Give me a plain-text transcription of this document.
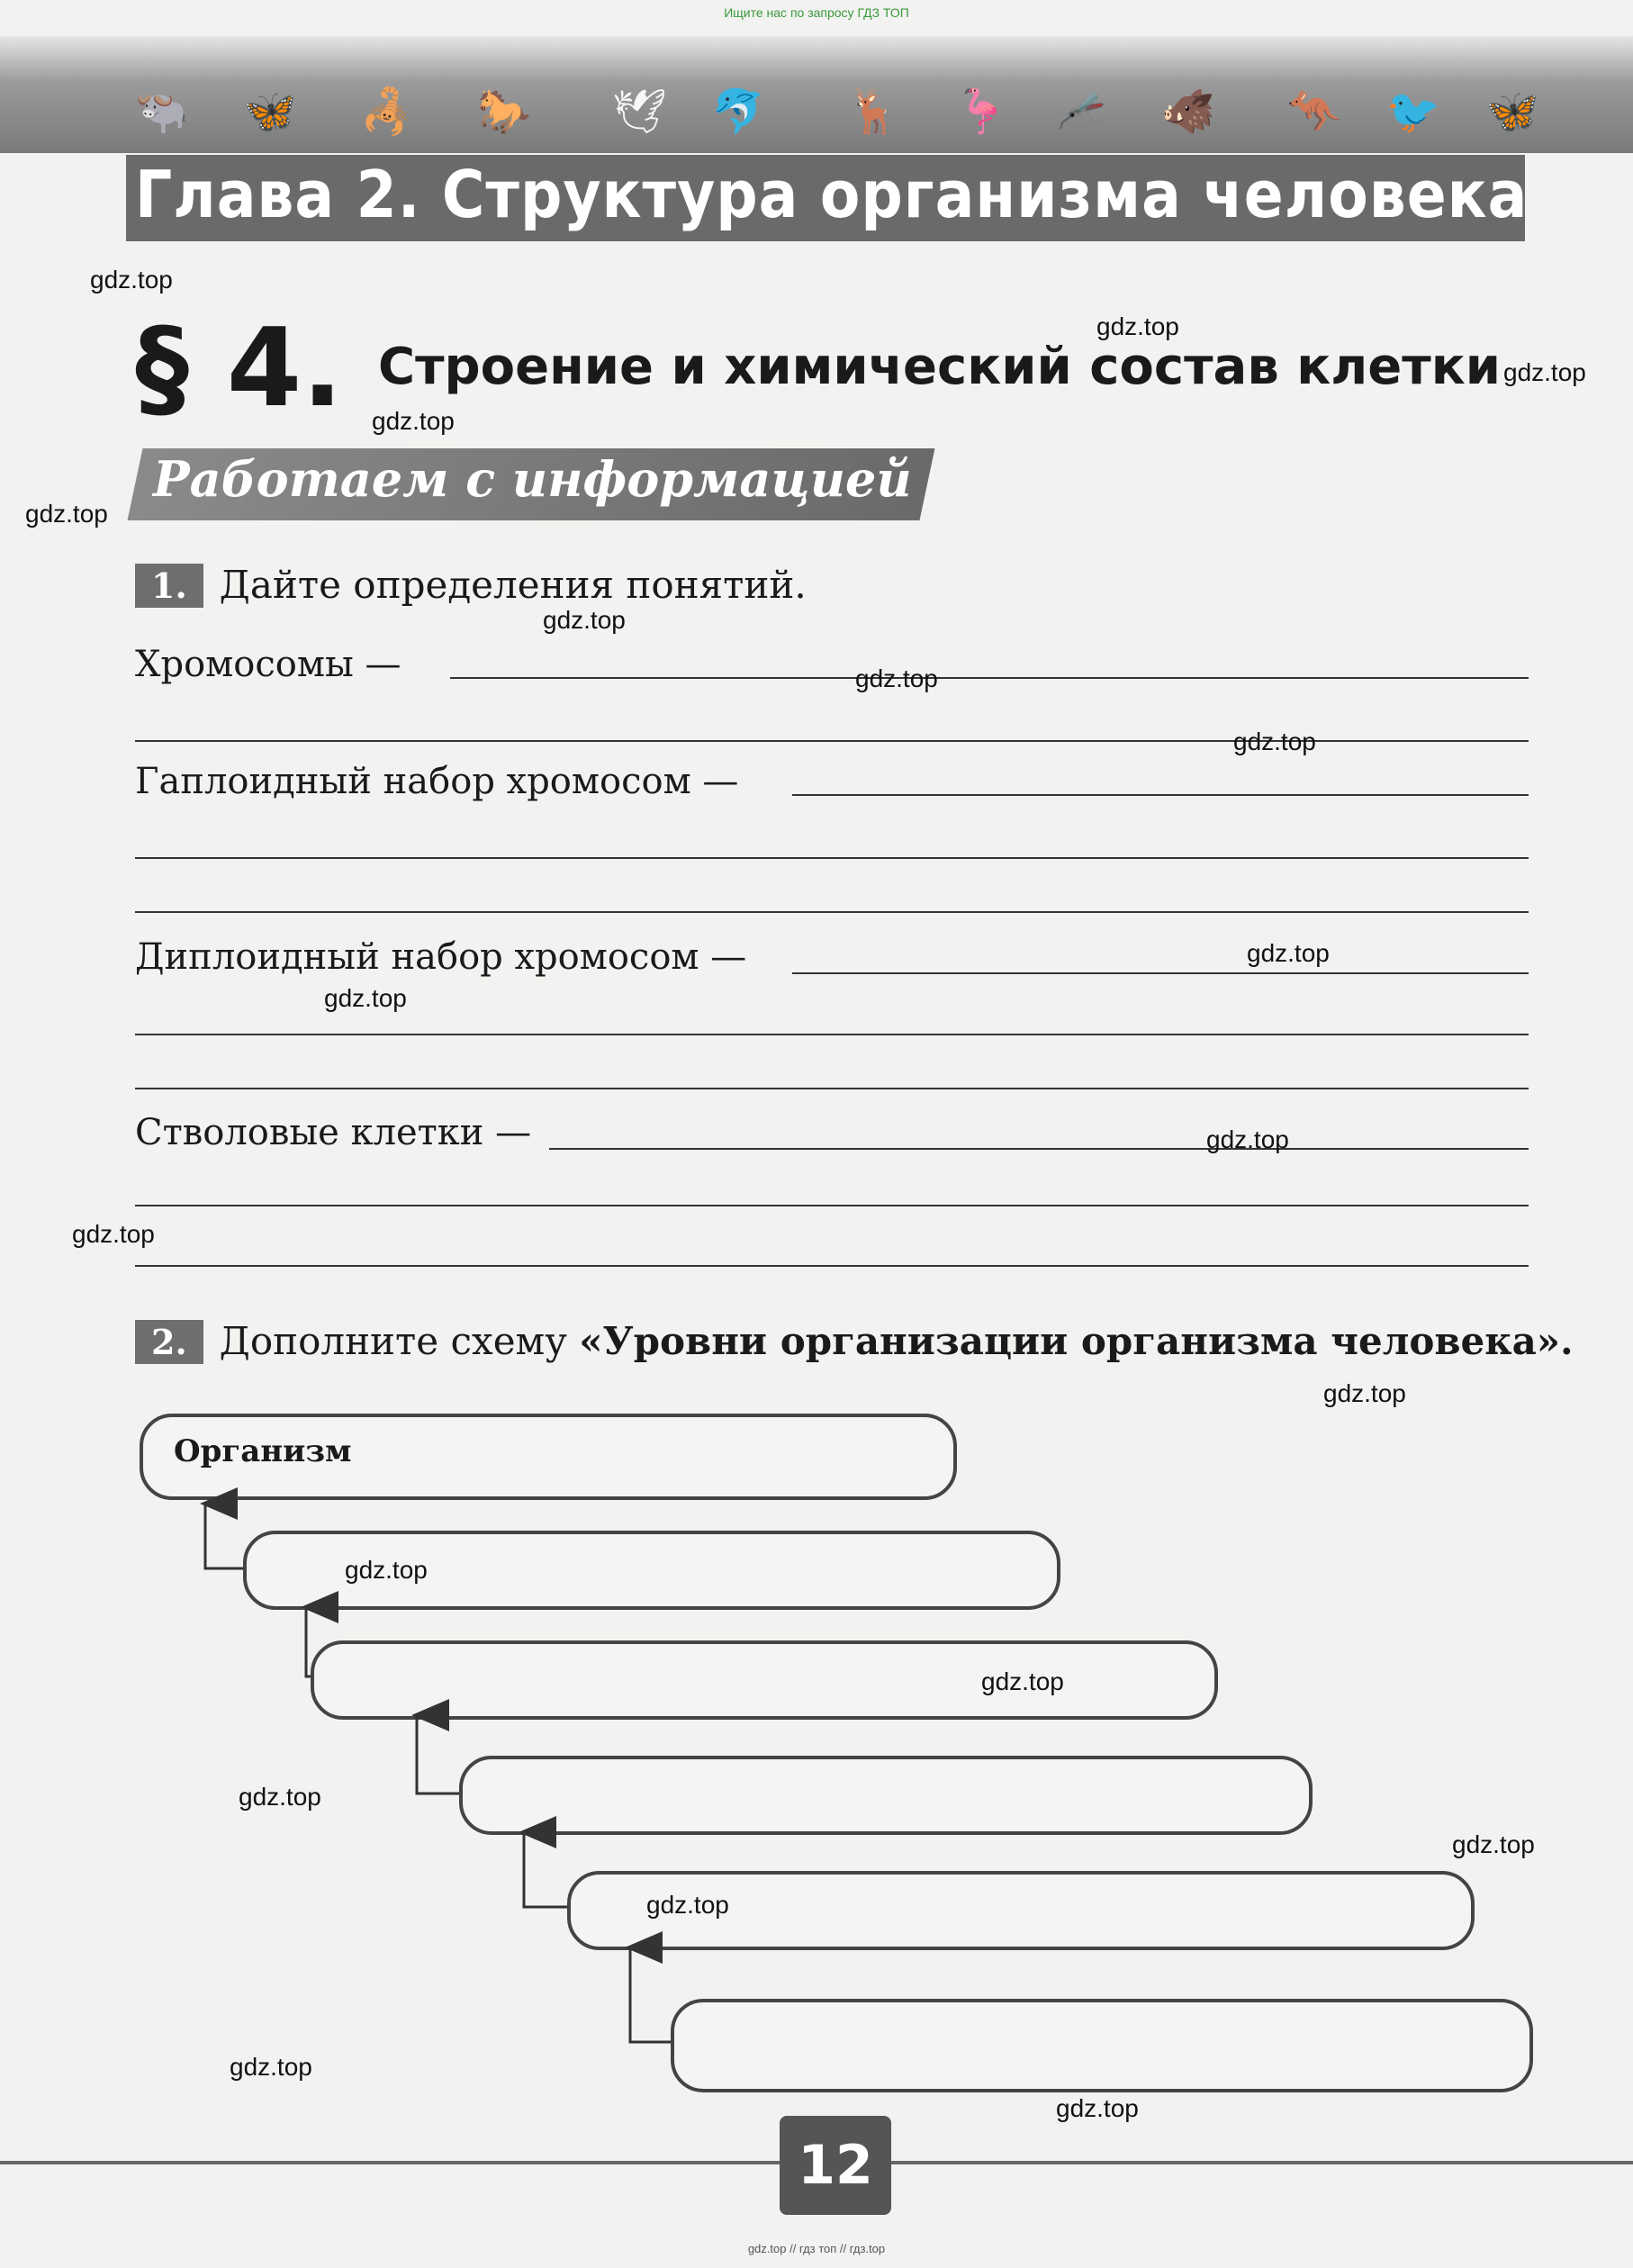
Ищите нас по запросу ГДЗ ТОП
🐃 🦋 🦂 🐎 🕊 🐬 🦌 🦩 🦟 🐗 🦘 🐦 🦋
Глава 2. Структура организма человека
§ 4. Строение и химический состав клетки
Работаем с информацией
1. Дайте определения понятий.
Хромосомы —
Гаплоидный набор хромосом —
Диплоидный набор хромосом —
Стволовые клетки —
2. Дополните схему «Уровни организации организма человека».
Организм
gdz.top
gdz.top
gdz.top
gdz.top
gdz.top
gdz.top
gdz.top
gdz.top
gdz.top
gdz.top
gdz.top
gdz.top
gdz.top
gdz.top
gdz.top
gdz.top
gdz.top
gdz.top
gdz.top
gdz.top
12
gdz.top // гдз топ // гдз.top
